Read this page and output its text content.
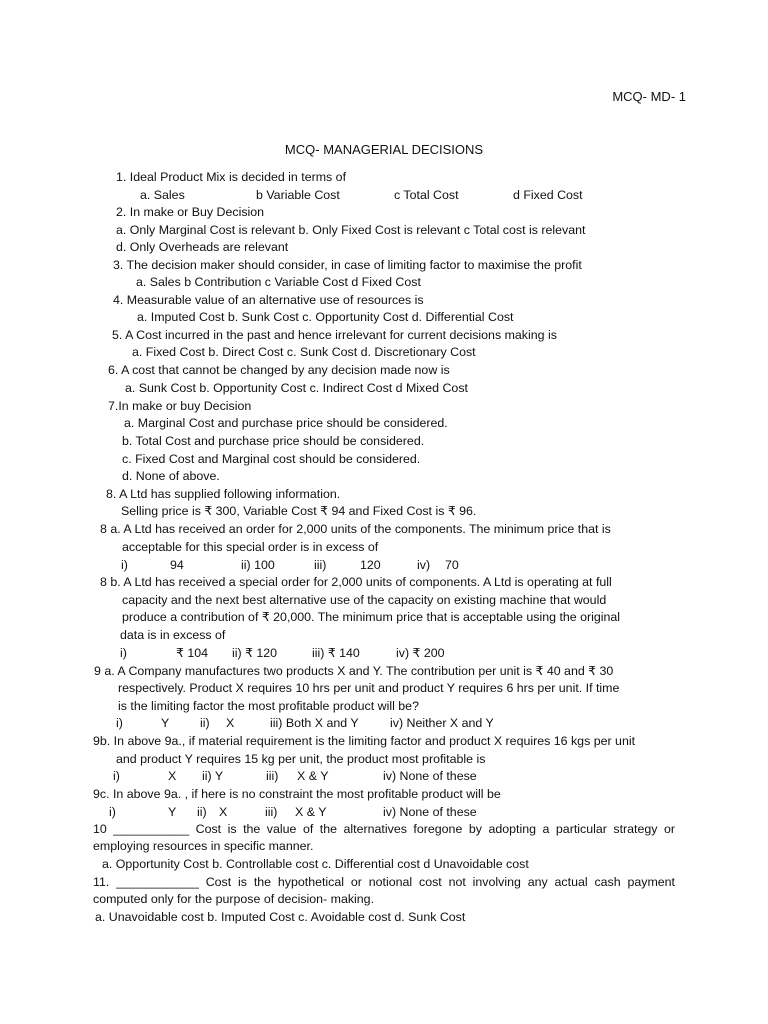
MCQ- MD- 1
MCQ- MANAGERIAL DECISIONS
1. Ideal Product Mix is decided in terms of
a. Sales	b Variable Cost	c Total Cost	d Fixed Cost
2. In make or Buy Decision
a. Only Marginal Cost is relevant b. Only Fixed Cost is relevant c Total cost is relevant
d. Only Overheads are relevant
3. The decision maker should consider, in case of limiting factor to maximise the profit
a. Sales b Contribution c Variable Cost d Fixed Cost
4. Measurable value of an alternative use of resources is
a. Imputed Cost b. Sunk Cost c. Opportunity Cost d. Differential Cost
5. A Cost incurred in the past and hence irrelevant for current decisions making is
a. Fixed Cost b. Direct Cost c. Sunk Cost d. Discretionary Cost
6. A cost that cannot be changed by any decision made now is
a. Sunk Cost b. Opportunity Cost c. Indirect Cost d Mixed Cost
7.In make or buy Decision
a. Marginal Cost and purchase price should be considered.
b. Total Cost and purchase price should be considered.
c. Fixed Cost and Marginal cost should be considered.
d. None of above.
8. A Ltd has supplied following information.
Selling price is ₹ 300, Variable Cost ₹ 94 and Fixed Cost is ₹ 96.
8 a. A Ltd has received an order for 2,000 units of the components. The minimum price that is
acceptable for this special order is in excess of
i)	94	ii) 100	iii)	120	iv) 70
8 b. A Ltd has received a special order for 2,000 units of components. A Ltd is operating at full
capacity and the next best alternative use of the capacity on existing machine that would
produce a contribution of ₹ 20,000. The minimum price that is acceptable using the original
data is in excess of
i)	₹ 104 ii) ₹ 120	iii) ₹ 140	iv) ₹ 200
9 a. A Company manufactures two products X and Y. The contribution per unit is ₹ 40 and ₹ 30
respectively. Product X requires 10 hrs per unit and product Y requires 6 hrs per unit. If time
is the limiting factor the most profitable product will be?
i)	Y ii) X	iii) Both X and Y	iv) Neither X and Y
9b. In above 9a., if material requirement is the limiting factor and product X requires 16 kgs per unit
and product Y requires 15 kg per unit, the product most profitable is
i)	X ii) Y	iii) X & Y	iv) None of these
9c. In above 9a. , if here is no constraint the most profitable product will be
i)	Y ii) X	iii) X & Y	iv) None of these
10 ___________ Cost is the value of the alternatives foregone by adopting a particular strategy or employing resources in specific manner.
a. Opportunity Cost b. Controllable cost c. Differential cost d Unavoidable cost
11. ____________ Cost is the hypothetical or notional cost not involving any actual cash payment computed only for the purpose of decision- making.
a. Unavoidable cost b. Imputed Cost c. Avoidable cost d. Sunk Cost
